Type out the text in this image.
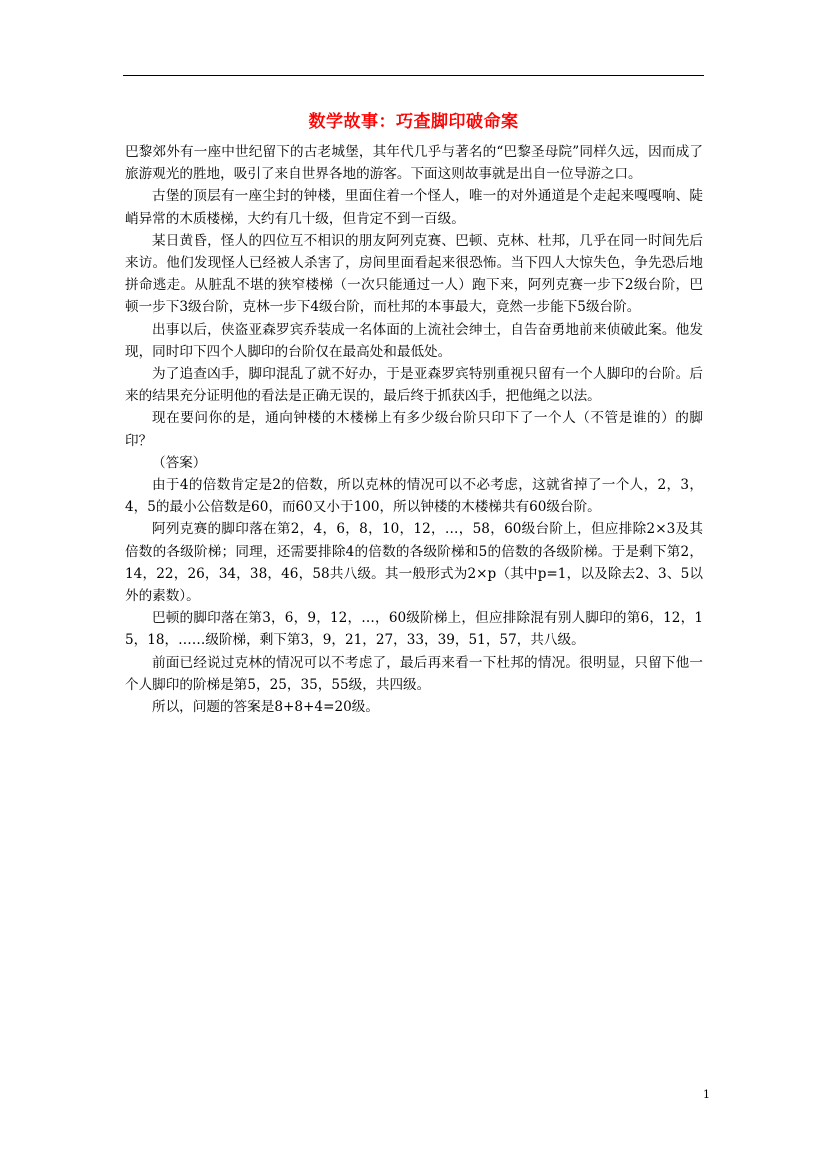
数学故事：巧查脚印破命案

巴黎郊外有一座中世纪留下的古老城堡，其年代几乎与著名的“巴黎圣母院”同样久远，因而成了旅游观光的胜地，吸引了来自世界各地的游客。下面这则故事就是出自一位导游之口。

古堡的顶层有一座尘封的钟楼，里面住着一个怪人，唯一的对外通道是个走起来嘎嘎响、陡峭异常的木质楼梯，大约有几十级，但肯定不到一百级。

某日黄昏，怪人的四位互不相识的朋友阿列克赛、巴顿、克林、杜邦，几乎在同一时间先后来访。他们发现怪人已经被人杀害了，房间里面看起来很恐怖。当下四人大惊失色，争先恐后地拼命逃走。从脏乱不堪的狭窄楼梯（一次只能通过一人）跑下来，阿列克赛一步下2级台阶，巴顿一步下3级台阶，克林一步下4级台阶，而杜邦的本事最大，竟然一步能下5级台阶。

出事以后，侠盗亚森罗宾乔装成一名体面的上流社会绅士，自告奋勇地前来侦破此案。他发现，同时印下四个人脚印的台阶仅在最高处和最低处。

为了追查凶手，脚印混乱了就不好办，于是亚森罗宾特别重视只留有一个人脚印的台阶。后来的结果充分证明他的看法是正确无误的，最后终于抓获凶手，把他绳之以法。

现在要问你的是，通向钟楼的木楼梯上有多少级台阶只印下了一个人（不管是谁的）的脚印？

（答案）

由于4的倍数肯定是2的倍数，所以克林的情况可以不必考虑，这就省掉了一个人，2，3，4，5的最小公倍数是60，而60又小于100，所以钟楼的木楼梯共有60级台阶。

阿列克赛的脚印落在第2，4，6，8，10，12，…，58，60级台阶上，但应排除2×3及其倍数的各级阶梯；同理，还需要排除4的倍数的各级阶梯和5的倍数的各级阶梯。于是剩下第2，14，22，26，34，38，46，58共八级。其一般形式为2×p（其中p=1，以及除去2、3、5以外的素数）。

巴顿的脚印落在第3，6，9，12，…，60级阶梯上，但应排除混有别人脚印的第6，12，15，18，……级阶梯，剩下第3，9，21，27，33，39，51，57，共八级。

前面已经说过克林的情况可以不考虑了，最后再来看一下杜邦的情况。很明显，只留下他一个人脚印的阶梯是第5，25，35，55级，共四级。

所以，问题的答案是8+8+4=20级。

1
